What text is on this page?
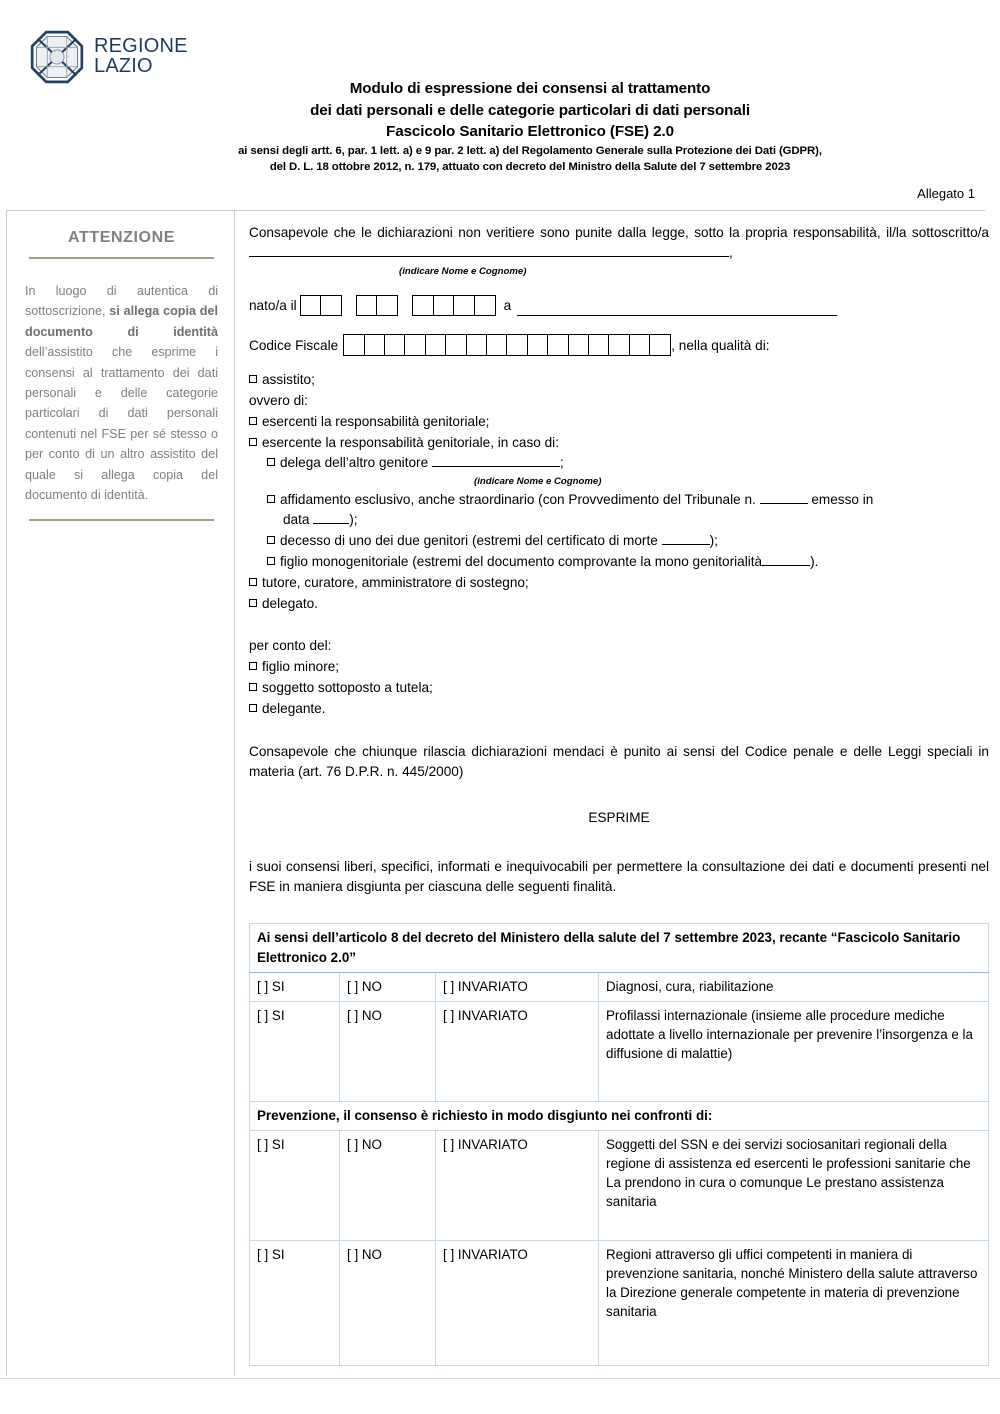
REGIONE
LAZIO
Modulo di espressione dei consensi al trattamento
dei dati personali e delle categorie particolari di dati personali
Fascicolo Sanitario Elettronico (FSE) 2.0
ai sensi degli artt. 6, par. 1 lett. a) e 9 par. 2 lett. a) del Regolamento Generale sulla Protezione dei Dati (GDPR),
del D. L. 18 ottobre 2012, n. 179, attuato con decreto del Ministro della Salute del 7 settembre 2023
Allegato 1
ATTENZIONE
In luogo di autentica di sottoscrizione, si allega copia del documento di identità dell’assistito che esprime i consensi al trattamento dei dati personali e delle categorie particolari di dati personali contenuti nel FSE per sé stesso o per conto di un altro assistito del quale si allega copia del documento di identità.

Consapevole che le dichiarazioni non veritiere sono punite dalla legge, sotto la propria responsabilità, il/la sottoscritto/a,

(indicare Nome e Cognome)
nato/a il	a
Codice Fiscale	, nella qualità di:
assistito;
ovvero di:
esercenti la responsabilità genitoriale;
esercente la responsabilità genitoriale, in caso di:
delega dell’altro genitore	;
(indicare Nome e Cognome)
affidamento esclusivo, anche straordinario (con Provvedimento del Tribunale n.	emesso in
data	);
decesso di uno dei due genitori (estremi del certificato di morte	);
figlio monogenitoriale (estremi del documento comprovante la mono genitorialità	).
tutore, curatore, amministratore di sostegno;
delegato.
per conto del:
figlio minore;
soggetto sottoposto a tutela;
delegante.

Consapevole che chiunque rilascia dichiarazioni mendaci è punito ai sensi del Codice penale e delle Leggi speciali in materia (art. 76 D.P.R. n. 445/2000)

ESPRIME

i suoi consensi liberi, specifici, informati e inequivocabili per permettere la consultazione dei dati e documenti presenti nel FSE in maniera disgiunta per ciascuna delle seguenti finalità.

Ai sensi dell’articolo 8 del decreto del Ministero della salute del 7 settembre 2023, recante “Fascicolo Sanitario Elettronico 2.0”			
[ ] SI	[ ] NO	[ ] INVARIATO	Diagnosi, cura, riabilitazione
[ ] SI	[ ] NO	[ ] INVARIATO	Profilassi internazionale (insieme alle procedure mediche adottate a livello internazionale per prevenire l’insorgenza e la diffusione di malattie)
Prevenzione, il consenso è richiesto in modo disgiunto nei confronti di:			
[ ] SI	[ ] NO	[ ] INVARIATO	Soggetti del SSN e dei servizi sociosanitari regionali della regione di assistenza ed esercenti le professioni sanitarie che La prendono in cura o comunque Le prestano assistenza sanitaria
[ ] SI	[ ] NO	[ ] INVARIATO	Regioni attraverso gli uffici competenti in maniera di prevenzione sanitaria, nonché Ministero della salute attraverso la Direzione generale competente in materia di prevenzione sanitaria
